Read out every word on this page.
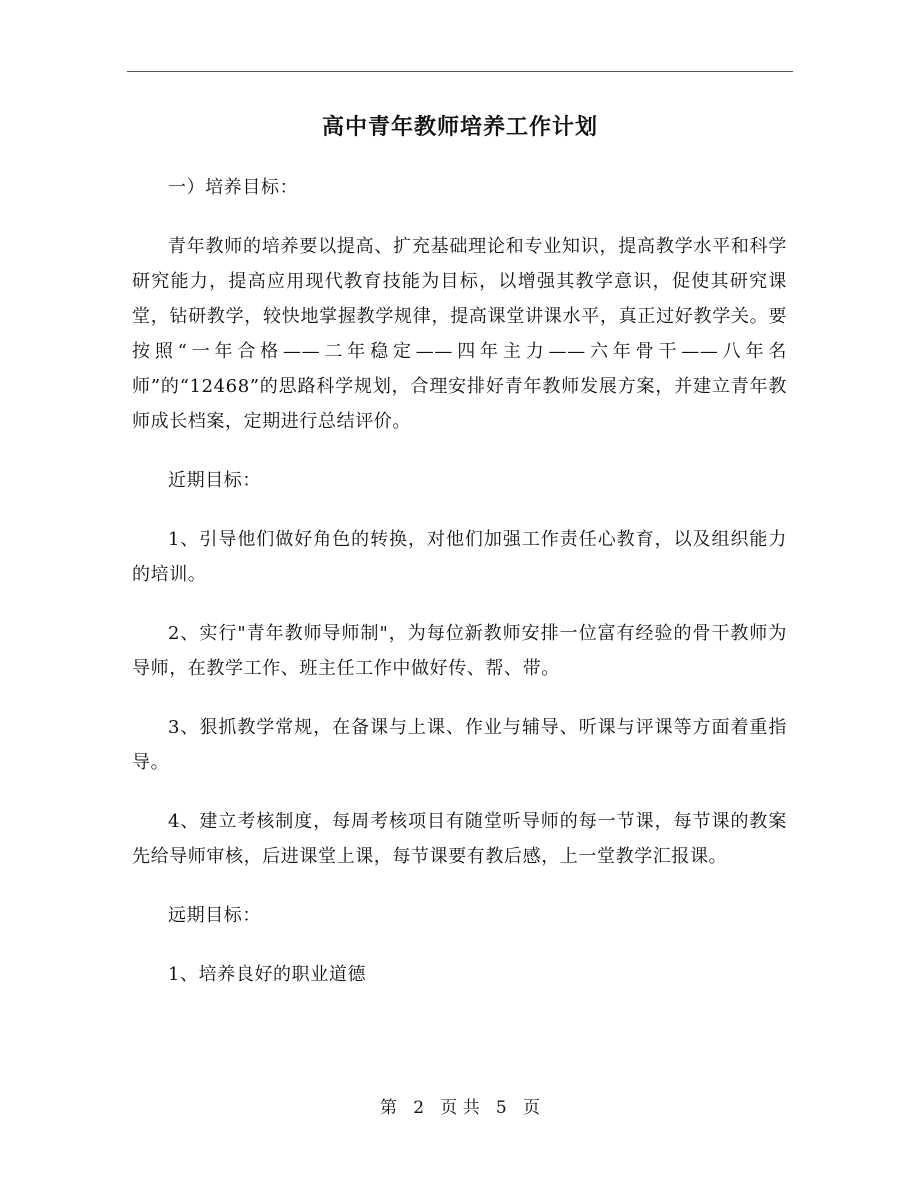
高中青年教师培养工作计划

一）培养目标：

青年教师的培养要以提高、扩充基础理论和专业知识，提高教学水平和科学研究能力，提高应用现代教育技能为目标，以增强其教学意识，促使其研究课堂，钻研教学，较快地掌握教学规律，提高课堂讲课水平，真正过好教学关。要按照“一年合格——二年稳定——四年主力——六年骨干——八年名师”的“12468”的思路科学规划，合理安排好青年教师发展方案，并建立青年教师成长档案，定期进行总结评价。

近期目标：

1、引导他们做好角色的转换，对他们加强工作责任心教育，以及组织能力的培训。

2、实行"青年教师导师制"，为每位新教师安排一位富有经验的骨干教师为导师，在教学工作、班主任工作中做好传、帮、带。

3、狠抓教学常规，在备课与上课、作业与辅导、听课与评课等方面着重指导。

4、建立考核制度，每周考核项目有随堂听导师的每一节课，每节课的教案先给导师审核，后进课堂上课，每节课要有教后感，上一堂教学汇报课。

远期目标：

1、培养良好的职业道德

第 2 页 共 5 页
